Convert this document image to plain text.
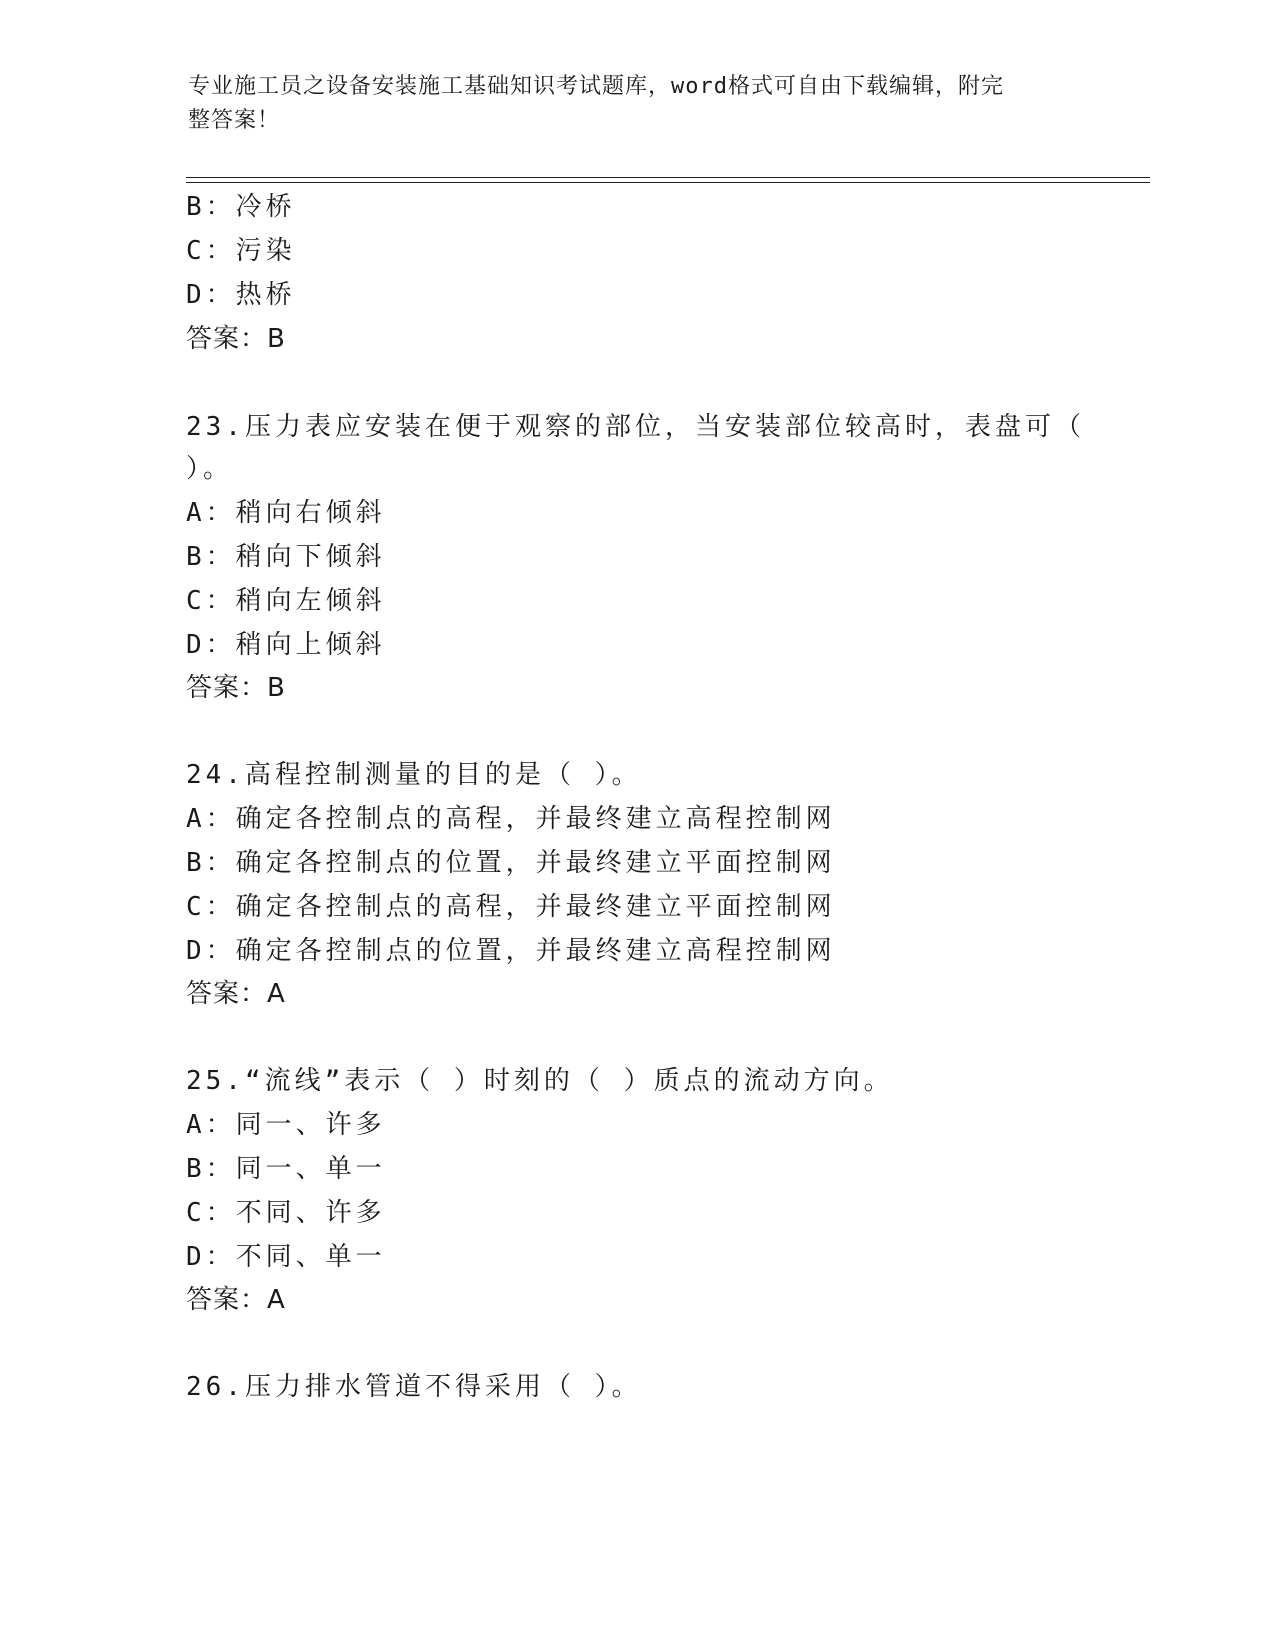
专业施工员之设备安装施工基础知识考试题库，word格式可自由下载编辑，附完
整答案！
B：冷桥
C：污染
D：热桥
答案：B
23.压力表应安装在便于观察的部位，当安装部位较高时，表盘可（
）。
A：稍向右倾斜
B：稍向下倾斜
C：稍向左倾斜
D：稍向上倾斜
答案：B
24.高程控制测量的目的是（ ）。
A：确定各控制点的高程，并最终建立高程控制网
B：确定各控制点的位置，并最终建立平面控制网
C：确定各控制点的高程，并最终建立平面控制网
D：确定各控制点的位置，并最终建立高程控制网
答案：A
25.“流线”表示（ ）时刻的（ ）质点的流动方向。
A：同一、许多
B：同一、单一
C：不同、许多
D：不同、单一
答案：A
26.压力排水管道不得采用（ ）。
